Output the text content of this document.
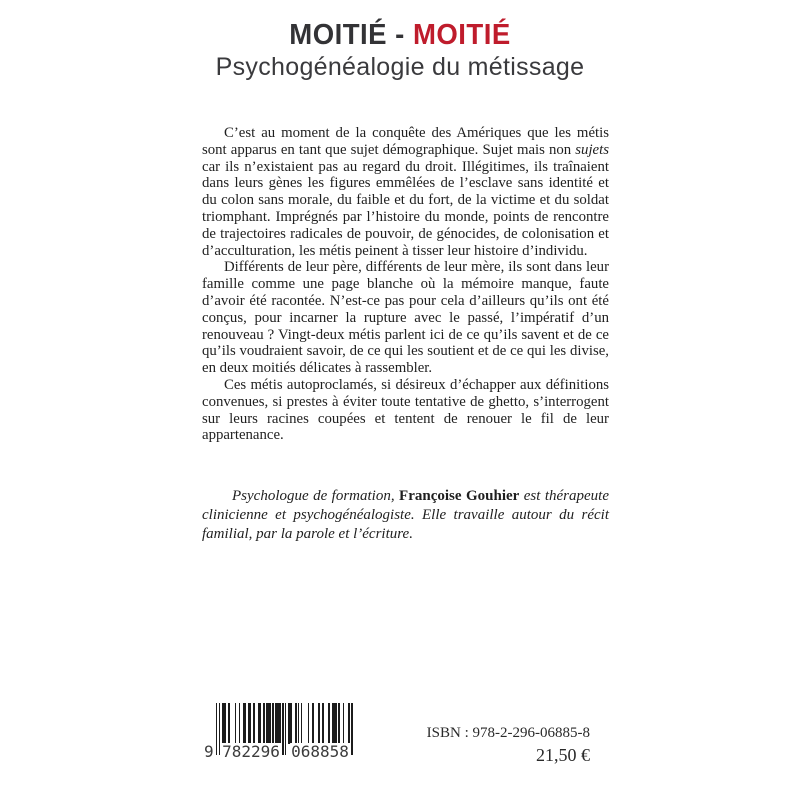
MOITIÉ - MOITIÉ
Psychogénéalogie du métissage

C’est au moment de la conquête des Amériques que les métis sont apparus en tant que sujet démographique. Sujet mais non sujets car ils n’existaient pas au regard du droit. Illégitimes, ils traînaient dans leurs gènes les figures emmêlées de l’esclave sans identité et du colon sans morale, du faible et du fort, de la victime et du soldat triomphant. Imprégnés par l’histoire du monde, points de rencontre de trajectoires radicales de pouvoir, de génocides, de colonisation et d’acculturation, les métis peinent à tisser leur histoire d’individu.

Différents de leur père, différents de leur mère, ils sont dans leur famille comme une page blanche où la mémoire manque, faute d’avoir été racontée. N’est-ce pas pour cela d’ailleurs qu’ils ont été conçus, pour incarner la rupture avec le passé, l’impératif d’un renouveau ? Vingt-deux métis parlent ici de ce qu’ils savent et de ce qu’ils voudraient savoir, de ce qui les soutient et de ce qui les divise, en deux moitiés délicates à rassembler.

Ces métis autoproclamés, si désireux d’échapper aux définitions convenues, si prestes à éviter toute tentative de ghetto, s’interrogent sur leurs racines coupées et tentent de renouer le fil de leur appartenance.

Psychologue de formation, Françoise Gouhier est thérapeute clinicienne et psychogénéalogiste. Elle travaille autour du récit familial, par la parole et l’écriture.

9 782296 068858
ISBN : 978-2-296-06885-8
21,50 €
